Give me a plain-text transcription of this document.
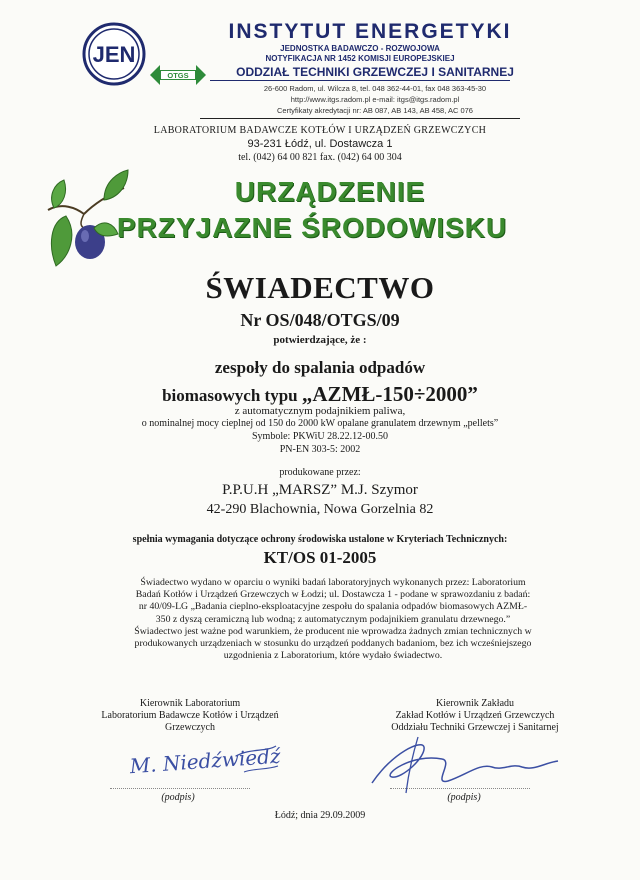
JEN
OTGS
INSTYTUT ENERGETYKI
JEDNOSTKA BADAWCZO - ROZWOJOWA
NOTYFIKACJA NR 1452 KOMISJI EUROPEJSKIEJ
ODDZIAŁ TECHNIKI GRZEWCZEJ I SANITARNEJ
26-600 Radom, ul. Wilcza 8, tel. 048 362-44-01, fax 048 363-45-30
http://www.itgs.radom.pl e-mail: itgs@itgs.radom.pl
Certyfikaty akredytacji nr: AB 087, AB 143, AB 458, AC 076
LABORATORIUM BADAWCZE KOTŁÓW I URZĄDZEŃ GRZEWCZYCH
93-231 Łódź, ul. Dostawcza 1
tel. (042) 64 00 821 fax. (042) 64 00 304
URZĄDZENIE
PRZYJAZNE ŚRODOWISKU
ŚWIADECTWO
Nr OS/048/OTGS/09
potwierdzające, że :
zespoły do spalania odpadów
biomasowych typu „AZMŁ-150÷2000”
z automatycznym podajnikiem paliwa,
o nominalnej mocy cieplnej od 150 do 2000 kW opalane granulatem drzewnym „pellets”
Symbole: PKWiU 28.22.12-00.50
PN-EN 303-5: 2002
produkowane przez:
P.P.U.H „MARSZ” M.J. Szymor
42-290 Blachownia, Nowa Gorzelnia 82
spełnia wymagania dotyczące ochrony środowiska ustalone w Kryteriach Technicznych:
KT/OS 01-2005
Świadectwo wydano w oparciu o wyniki badań laboratoryjnych wykonanych przez: Laboratorium
Badań Kotłów i Urządzeń Grzewczych w Łodzi; ul. Dostawcza 1 - podane w sprawozdaniu z badań:
nr 40/09-LG „Badania cieplno-eksploatacyjne zespołu do spalania odpadów biomasowych AZMŁ-
350 z dyszą ceramiczną lub wodną; z automatycznym podajnikiem granulatu drzewnego.”
Świadectwo jest ważne pod warunkiem, że producent nie wprowadza żadnych zmian technicznych w
produkowanych urządzeniach w stosunku do urządzeń poddanych badaniom, bez ich wcześniejszego
uzgodnienia z Laboratorium, które wydało świadectwo.
Kierownik Laboratorium
Laboratorium Badawcze Kotłów i Urządzeń
Grzewczych
Kierownik Zakładu
Zakład Kotłów i Urządzeń Grzewczych
Oddziału Techniki Grzewczej i Sanitarnej
M. Niedźwiedź
(podpis)	(podpis)
Łódź; dnia 29.09.2009
